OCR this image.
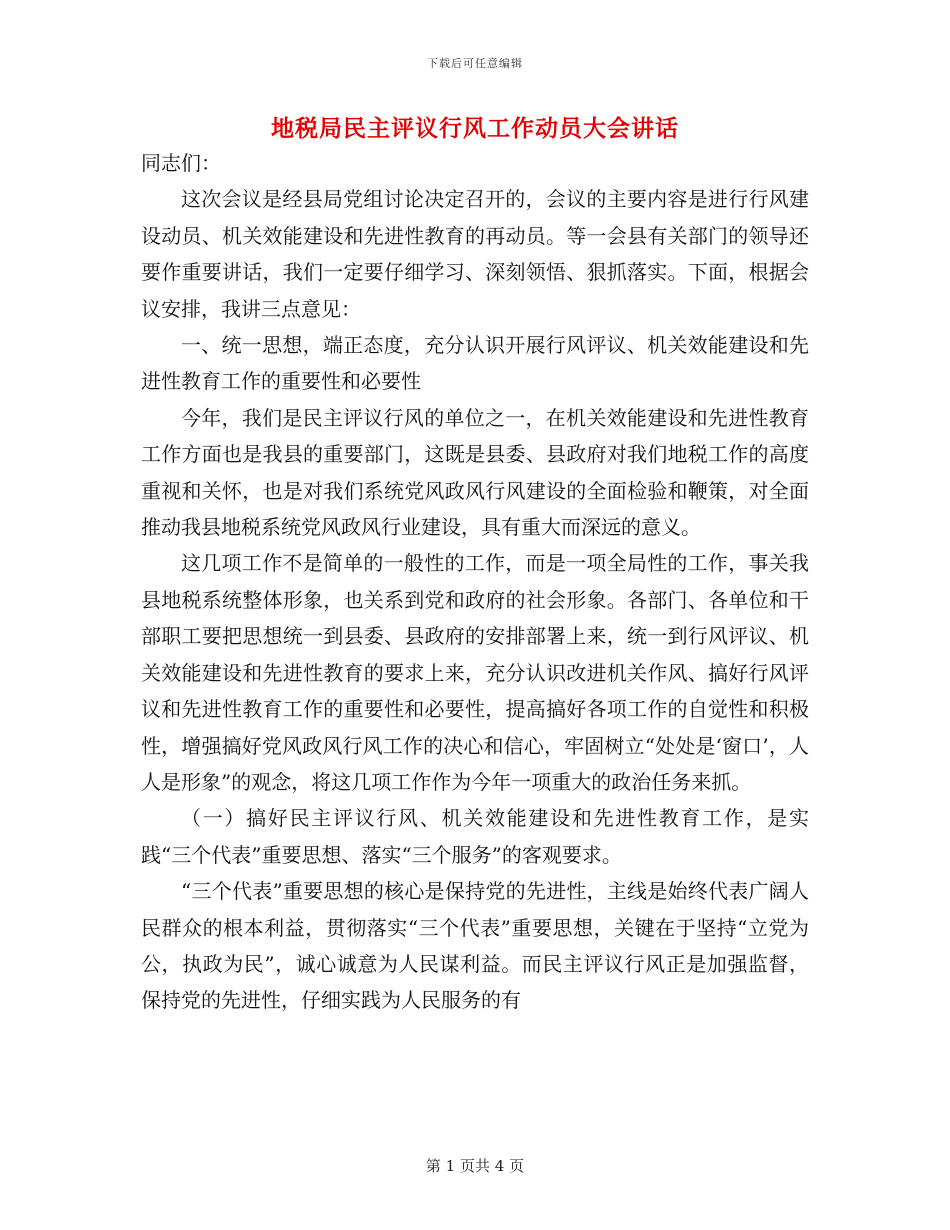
下载后可任意编辑
地税局民主评议行风工作动员大会讲话

同志们：

这次会议是经县局党组讨论决定召开的，会议的主要内容是进行行风建设动员、机关效能建设和先进性教育的再动员。等一会县有关部门的领导还要作重要讲话，我们一定要仔细学习、深刻领悟、狠抓落实。下面，根据会议安排，我讲三点意见：

一、统一思想，端正态度，充分认识开展行风评议、机关效能建设和先进性教育工作的重要性和必要性

今年，我们是民主评议行风的单位之一，在机关效能建设和先进性教育工作方面也是我县的重要部门，这既是县委、县政府对我们地税工作的高度重视和关怀，也是对我们系统党风政风行风建设的全面检验和鞭策，对全面推动我县地税系统党风政风行业建设，具有重大而深远的意义。

这几项工作不是简单的一般性的工作，而是一项全局性的工作，事关我县地税系统整体形象，也关系到党和政府的社会形象。各部门、各单位和干部职工要把思想统一到县委、县政府的安排部署上来，统一到行风评议、机关效能建设和先进性教育的要求上来，充分认识改进机关作风、搞好行风评议和先进性教育工作的重要性和必要性，提高搞好各项工作的自觉性和积极性，增强搞好党风政风行风工作的决心和信心，牢固树立“处处是‘窗口’，人人是形象”的观念，将这几项工作作为今年一项重大的政治任务来抓。

（一）搞好民主评议行风、机关效能建设和先进性教育工作，是实践“三个代表”重要思想、落实“三个服务”的客观要求。

“三个代表”重要思想的核心是保持党的先进性，主线是始终代表广阔人民群众的根本利益，贯彻落实“三个代表”重要思想，关键在于坚持“立党为公，执政为民”，诚心诚意为人民谋利益。而民主评议行风正是加强监督，保持党的先进性，仔细实践为人民服务的有

第 1 页共 4 页
